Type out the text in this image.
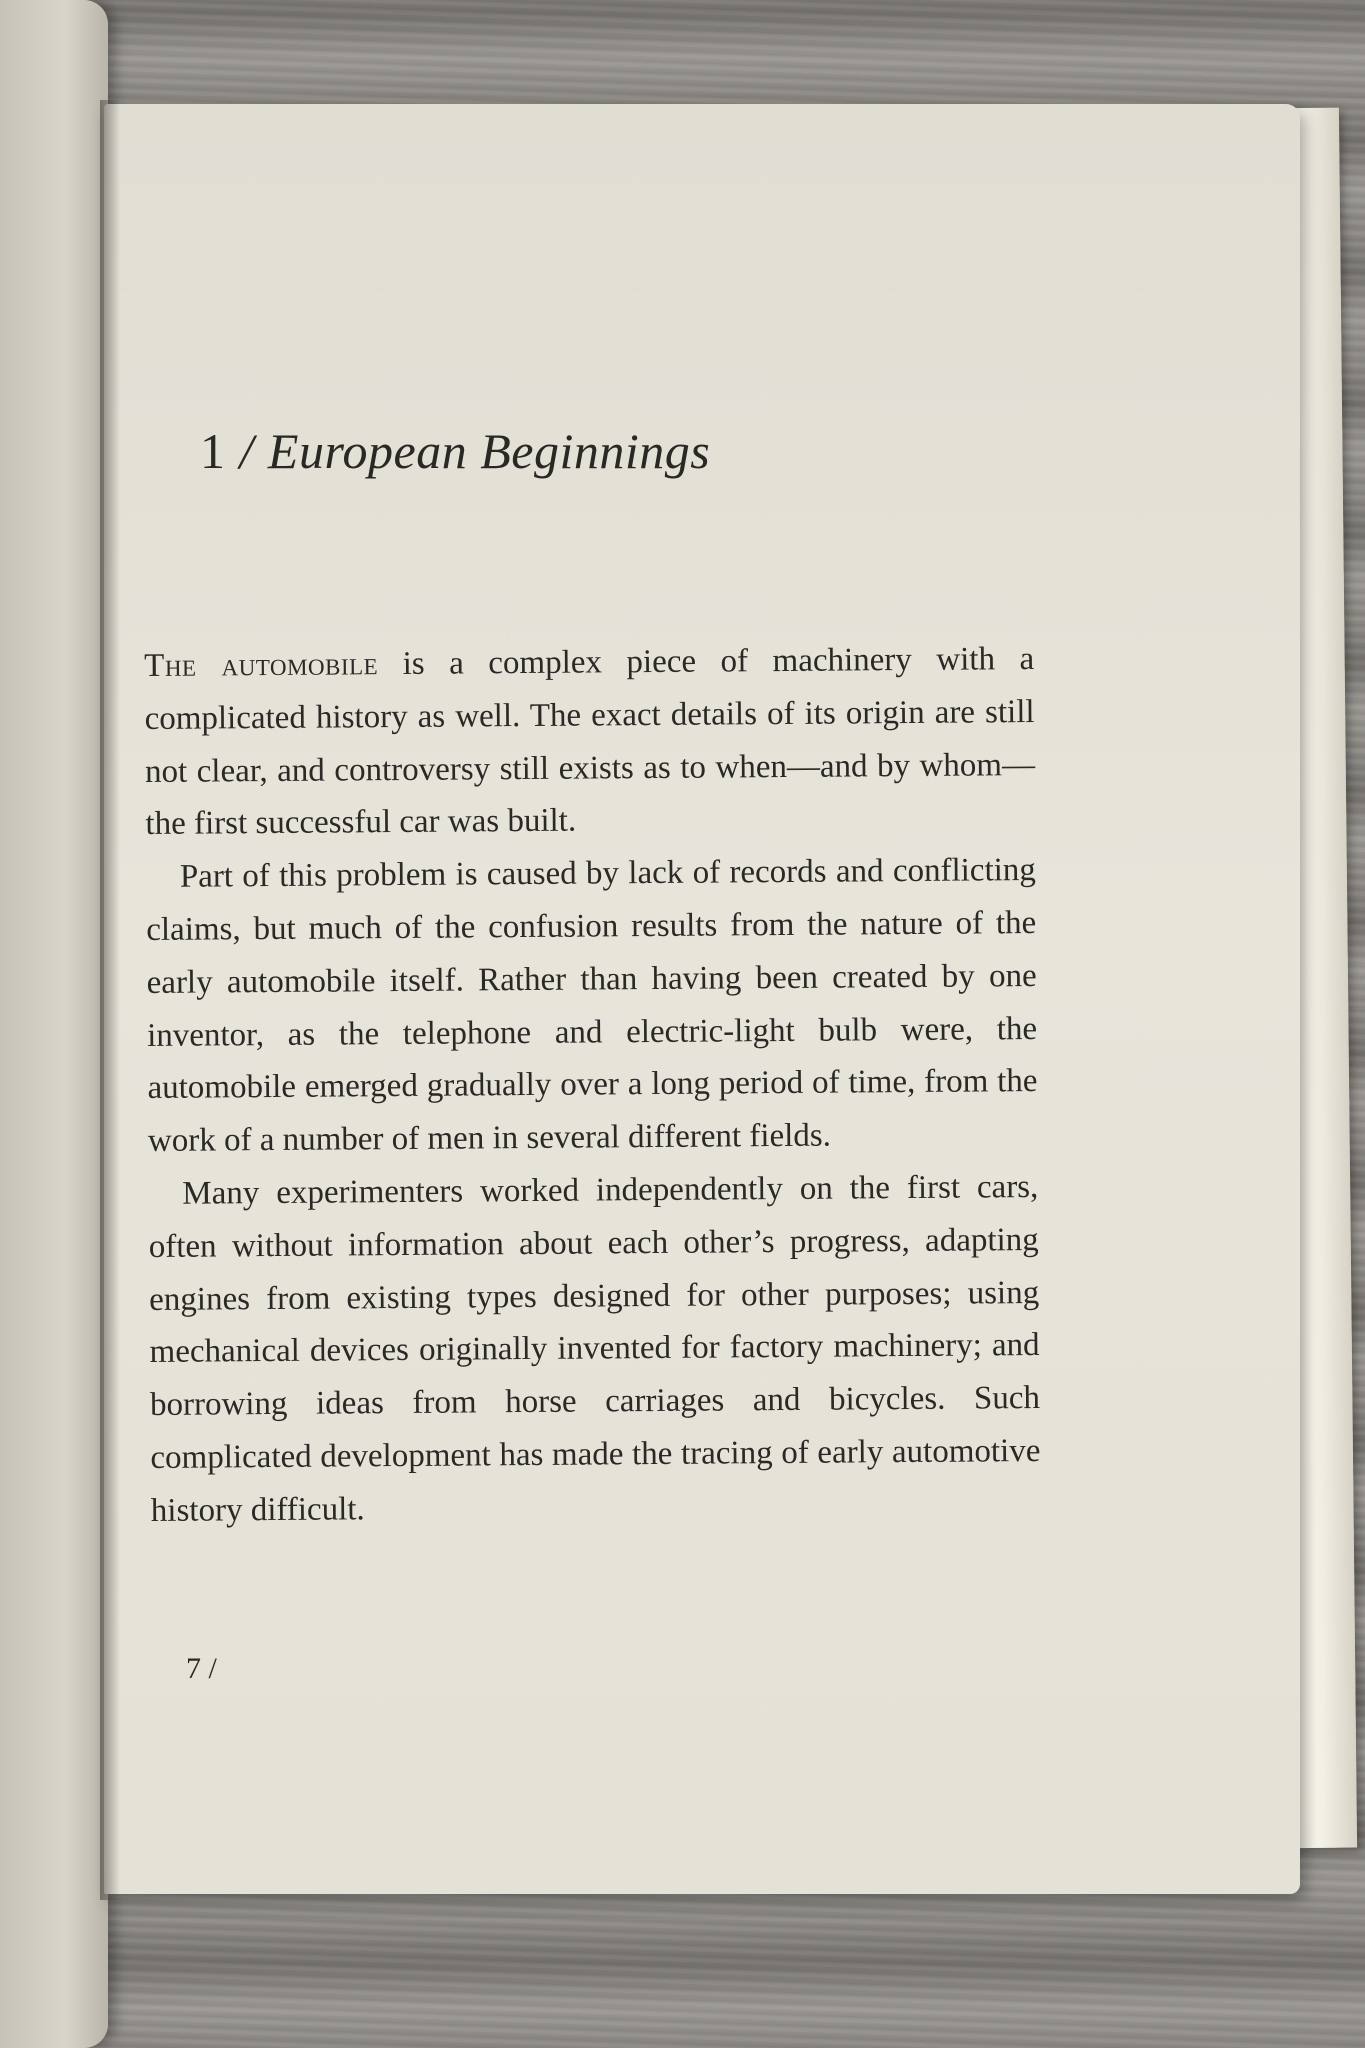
1 / European Beginnings

The automobile is a complex piece of machinery with a complicated history as well. The exact details of its origin are still not clear, and controversy still exists as to when—and by whom—the first successful car was built.

Part of this problem is caused by lack of records and conflicting claims, but much of the confusion results from the nature of the early automobile itself. Rather than having been created by one inventor, as the telephone and electric-light bulb were, the automobile emerged gradually over a long period of time, from the work of a number of men in several different fields.

Many experimenters worked independently on the first cars, often without information about each other’s progress, adapting engines from existing types designed for other purposes; using mechanical devices originally invented for factory machinery; and borrowing ideas from horse carriages and bicycles. Such complicated development has made the tracing of early automotive history difficult.

7 /
